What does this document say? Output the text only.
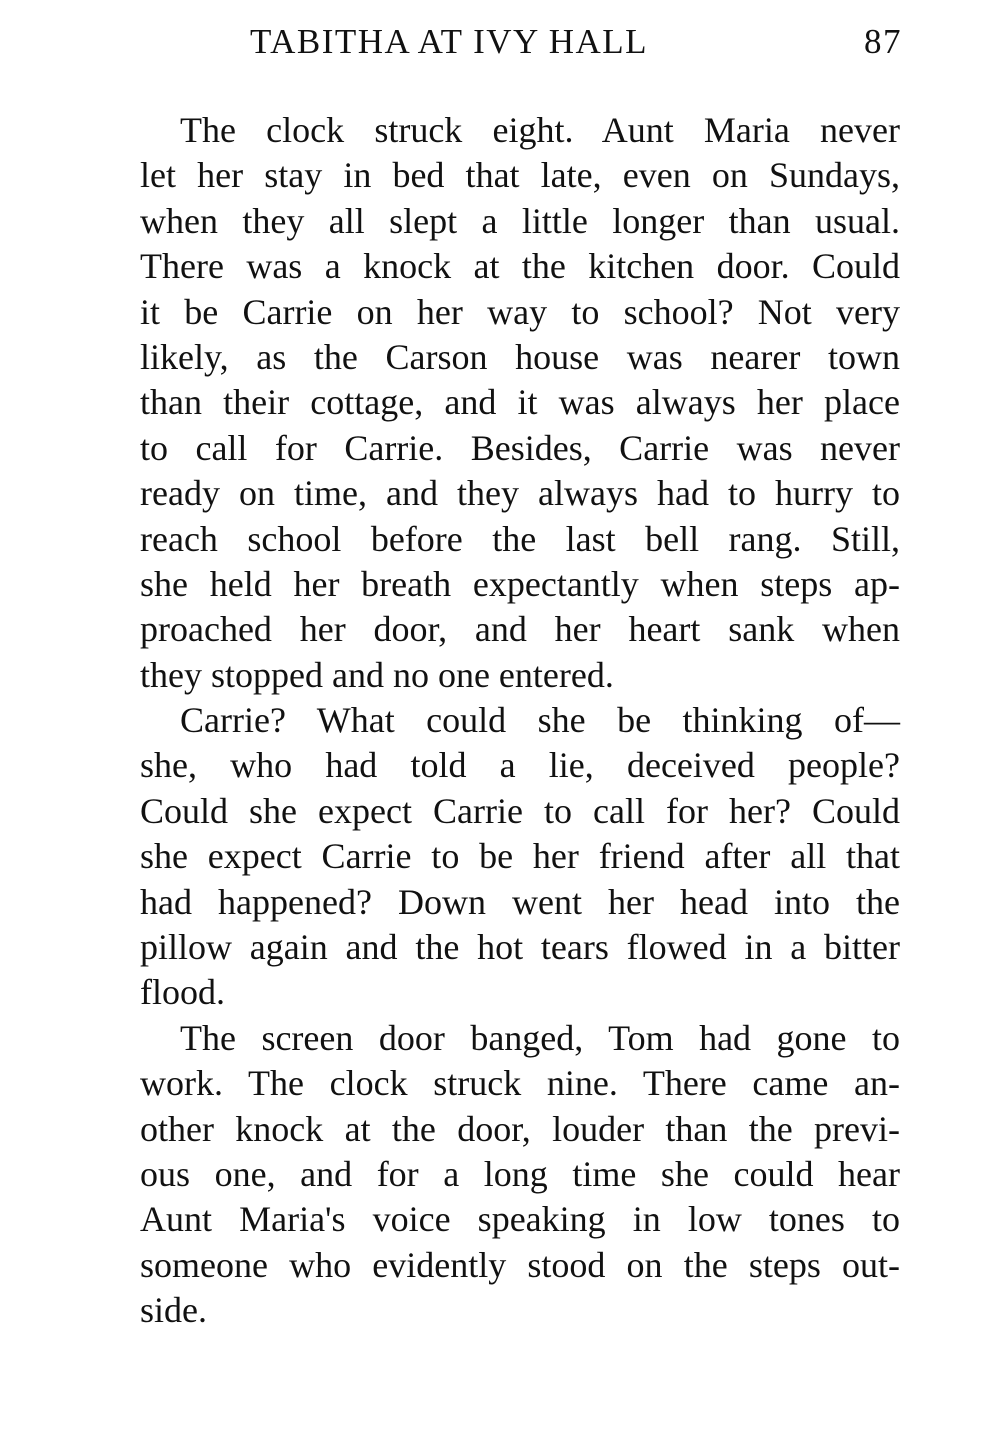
TABITHA AT IVY HALL	87
The clock struck eight. Aunt Maria never
let her stay in bed that late, even on Sundays,
when they all slept a little longer than usual.
There was a knock at the kitchen door. Could
it be Carrie on her way to school? Not very
likely, as the Carson house was nearer town
than their cottage, and it was always her place
to call for Carrie. Besides, Carrie was never
ready on time, and they always had to hurry to
reach school before the last bell rang. Still,
she held her breath expectantly when steps ap-
proached her door, and her heart sank when
they stopped and no one entered.
Carrie? What could she be thinking of—
she, who had told a lie, deceived people?
Could she expect Carrie to call for her? Could
she expect Carrie to be her friend after all that
had happened? Down went her head into the
pillow again and the hot tears flowed in a bitter
flood.
The screen door banged, Tom had gone to
work. The clock struck nine. There came an-
other knock at the door, louder than the previ-
ous one, and for a long time she could hear
Aunt Maria's voice speaking in low tones to
someone who evidently stood on the steps out-
side.
